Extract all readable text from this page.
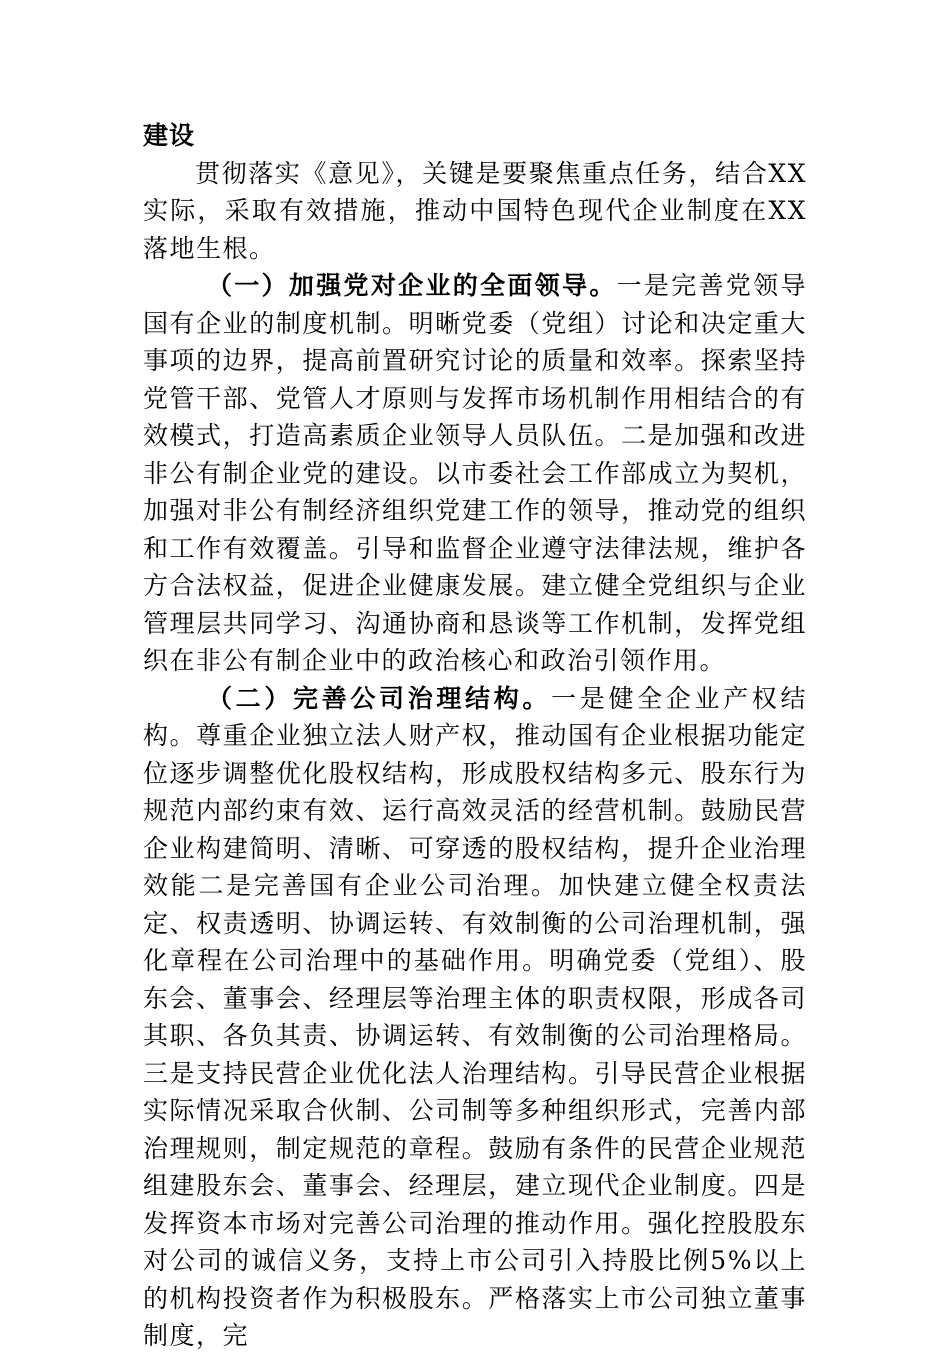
建设

贯彻落实《意见》，关键是要聚焦重点任务，结合XX实际，采取有效措施，推动中国特色现代企业制度在XX落地生根。

（一）加强党对企业的全面领导。一是完善党领导国有企业的制度机制。明晰党委（党组）讨论和决定重大事项的边界，提高前置研究讨论的质量和效率。探索坚持党管干部、党管人才原则与发挥市场机制作用相结合的有效模式，打造高素质企业领导人员队伍。二是加强和改进非公有制企业党的建设。以市委社会工作部成立为契机，加强对非公有制经济组织党建工作的领导，推动党的组织和工作有效覆盖。引导和监督企业遵守法律法规，维护各方合法权益，促进企业健康发展。建立健全党组织与企业管理层共同学习、沟通协商和恳谈等工作机制，发挥党组织在非公有制企业中的政治核心和政治引领作用。

（二）完善公司治理结构。一是健全企业产权结构。尊重企业独立法人财产权，推动国有企业根据功能定位逐步调整优化股权结构，形成股权结构多元、股东行为规范内部约束有效、运行高效灵活的经营机制。鼓励民营企业构建简明、清晰、可穿透的股权结构，提升企业治理效能二是完善国有企业公司治理。加快建立健全权责法定、权责透明、协调运转、有效制衡的公司治理机制，强化章程在公司治理中的基础作用。明确党委（党组）、股东会、董事会、经理层等治理主体的职责权限，形成各司其职、各负其责、协调运转、有效制衡的公司治理格局。三是支持民营企业优化法人治理结构。引导民营企业根据实际情况采取合伙制、公司制等多种组织形式，完善内部治理规则，制定规范的章程。鼓励有条件的民营企业规范组建股东会、董事会、经理层，建立现代企业制度。四是发挥资本市场对完善公司治理的推动作用。强化控股股东对公司的诚信义务，支持上市公司引入持股比例5%以上的机构投资者作为积极股东。严格落实上市公司独立董事制度，完
